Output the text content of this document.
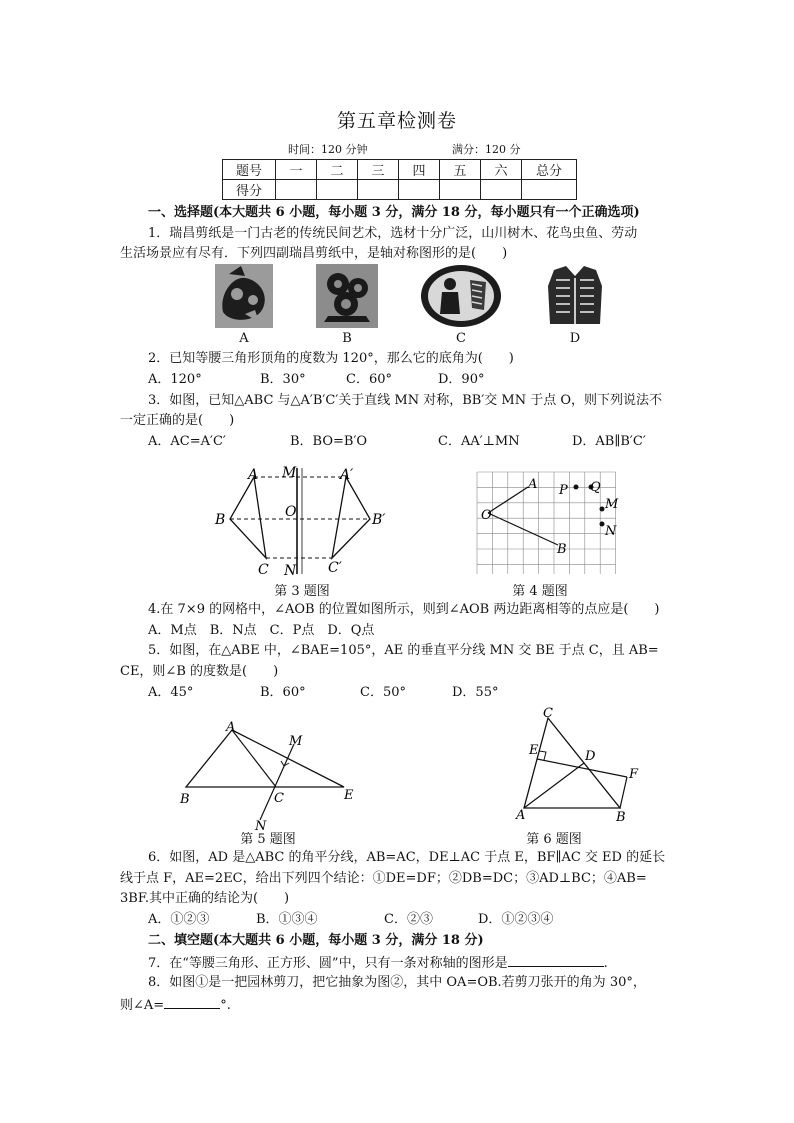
第五章检测卷
时间：120 分钟	满分：120 分
题号	一	二	三	四	五	六	总分
得分							
一、选择题(本大题共 6 小题，每小题 3 分，满分 18 分，每小题只有一个正确选项)
1．瑞昌剪纸是一门古老的传统民间艺术，选材十分广泛，山川树木、花鸟虫鱼、劳动
生活场景应有尽有．下列四副瑞昌剪纸中，是轴对称图形的是(　　)
A	B	C	D
2．已知等腰三角形顶角的度数为 120°，那么它的底角为(　　)
A．120°	B．30°	C．60°	D．90°
3．如图，已知△ABC 与△A′B′C′关于直线 MN 对称，BB′交 MN 于点 O，则下列说法不
一定正确的是(　　)
A．AC=A′C′	B．BO=B′O	C．AA′⊥MN	D．AB∥B′C′
A
B
C
M
O
N
A′
B′
C′
第 3 题图
A
O
B
P Q
M
N
第 4 题图
4.在 7×9 的网格中，∠AOB 的位置如图所示，则到∠AOB 两边距离相等的点应是(　　)
A．M点　B．N点　C．P点　D．Q点
5．如图，在△ABE 中，∠BAE=105°，AE 的垂直平分线 MN 交 BE 于点 C，且 AB=
CE，则∠B 的度数是(　　)
A．45°	B．60°	C．50°	D．55°
A
M
B	C
N
E
第 5 题图
C
E	D
F
A	B
第 6 题图
6．如图，AD 是△ABC 的角平分线，AB=AC，DE⊥AC 于点 E，BF∥AC 交 ED 的延长
线于点 F，AE=2EC，给出下列四个结论：①DE=DF；②DB=DC；③AD⊥BC；④AB=
3BF.其中正确的结论为(　　)
A．①②③	B．①③④	C．②③	D．①②③④
二、填空题(本大题共 6 小题，每小题 3 分，满分 18 分)
7．在“等腰三角形、正方形、圆”中，只有一条对称轴的图形是	.
8．如图①是一把园林剪刀，把它抽象为图②，其中 OA=OB.若剪刀张开的角为 30°，
则∠A=	°.
